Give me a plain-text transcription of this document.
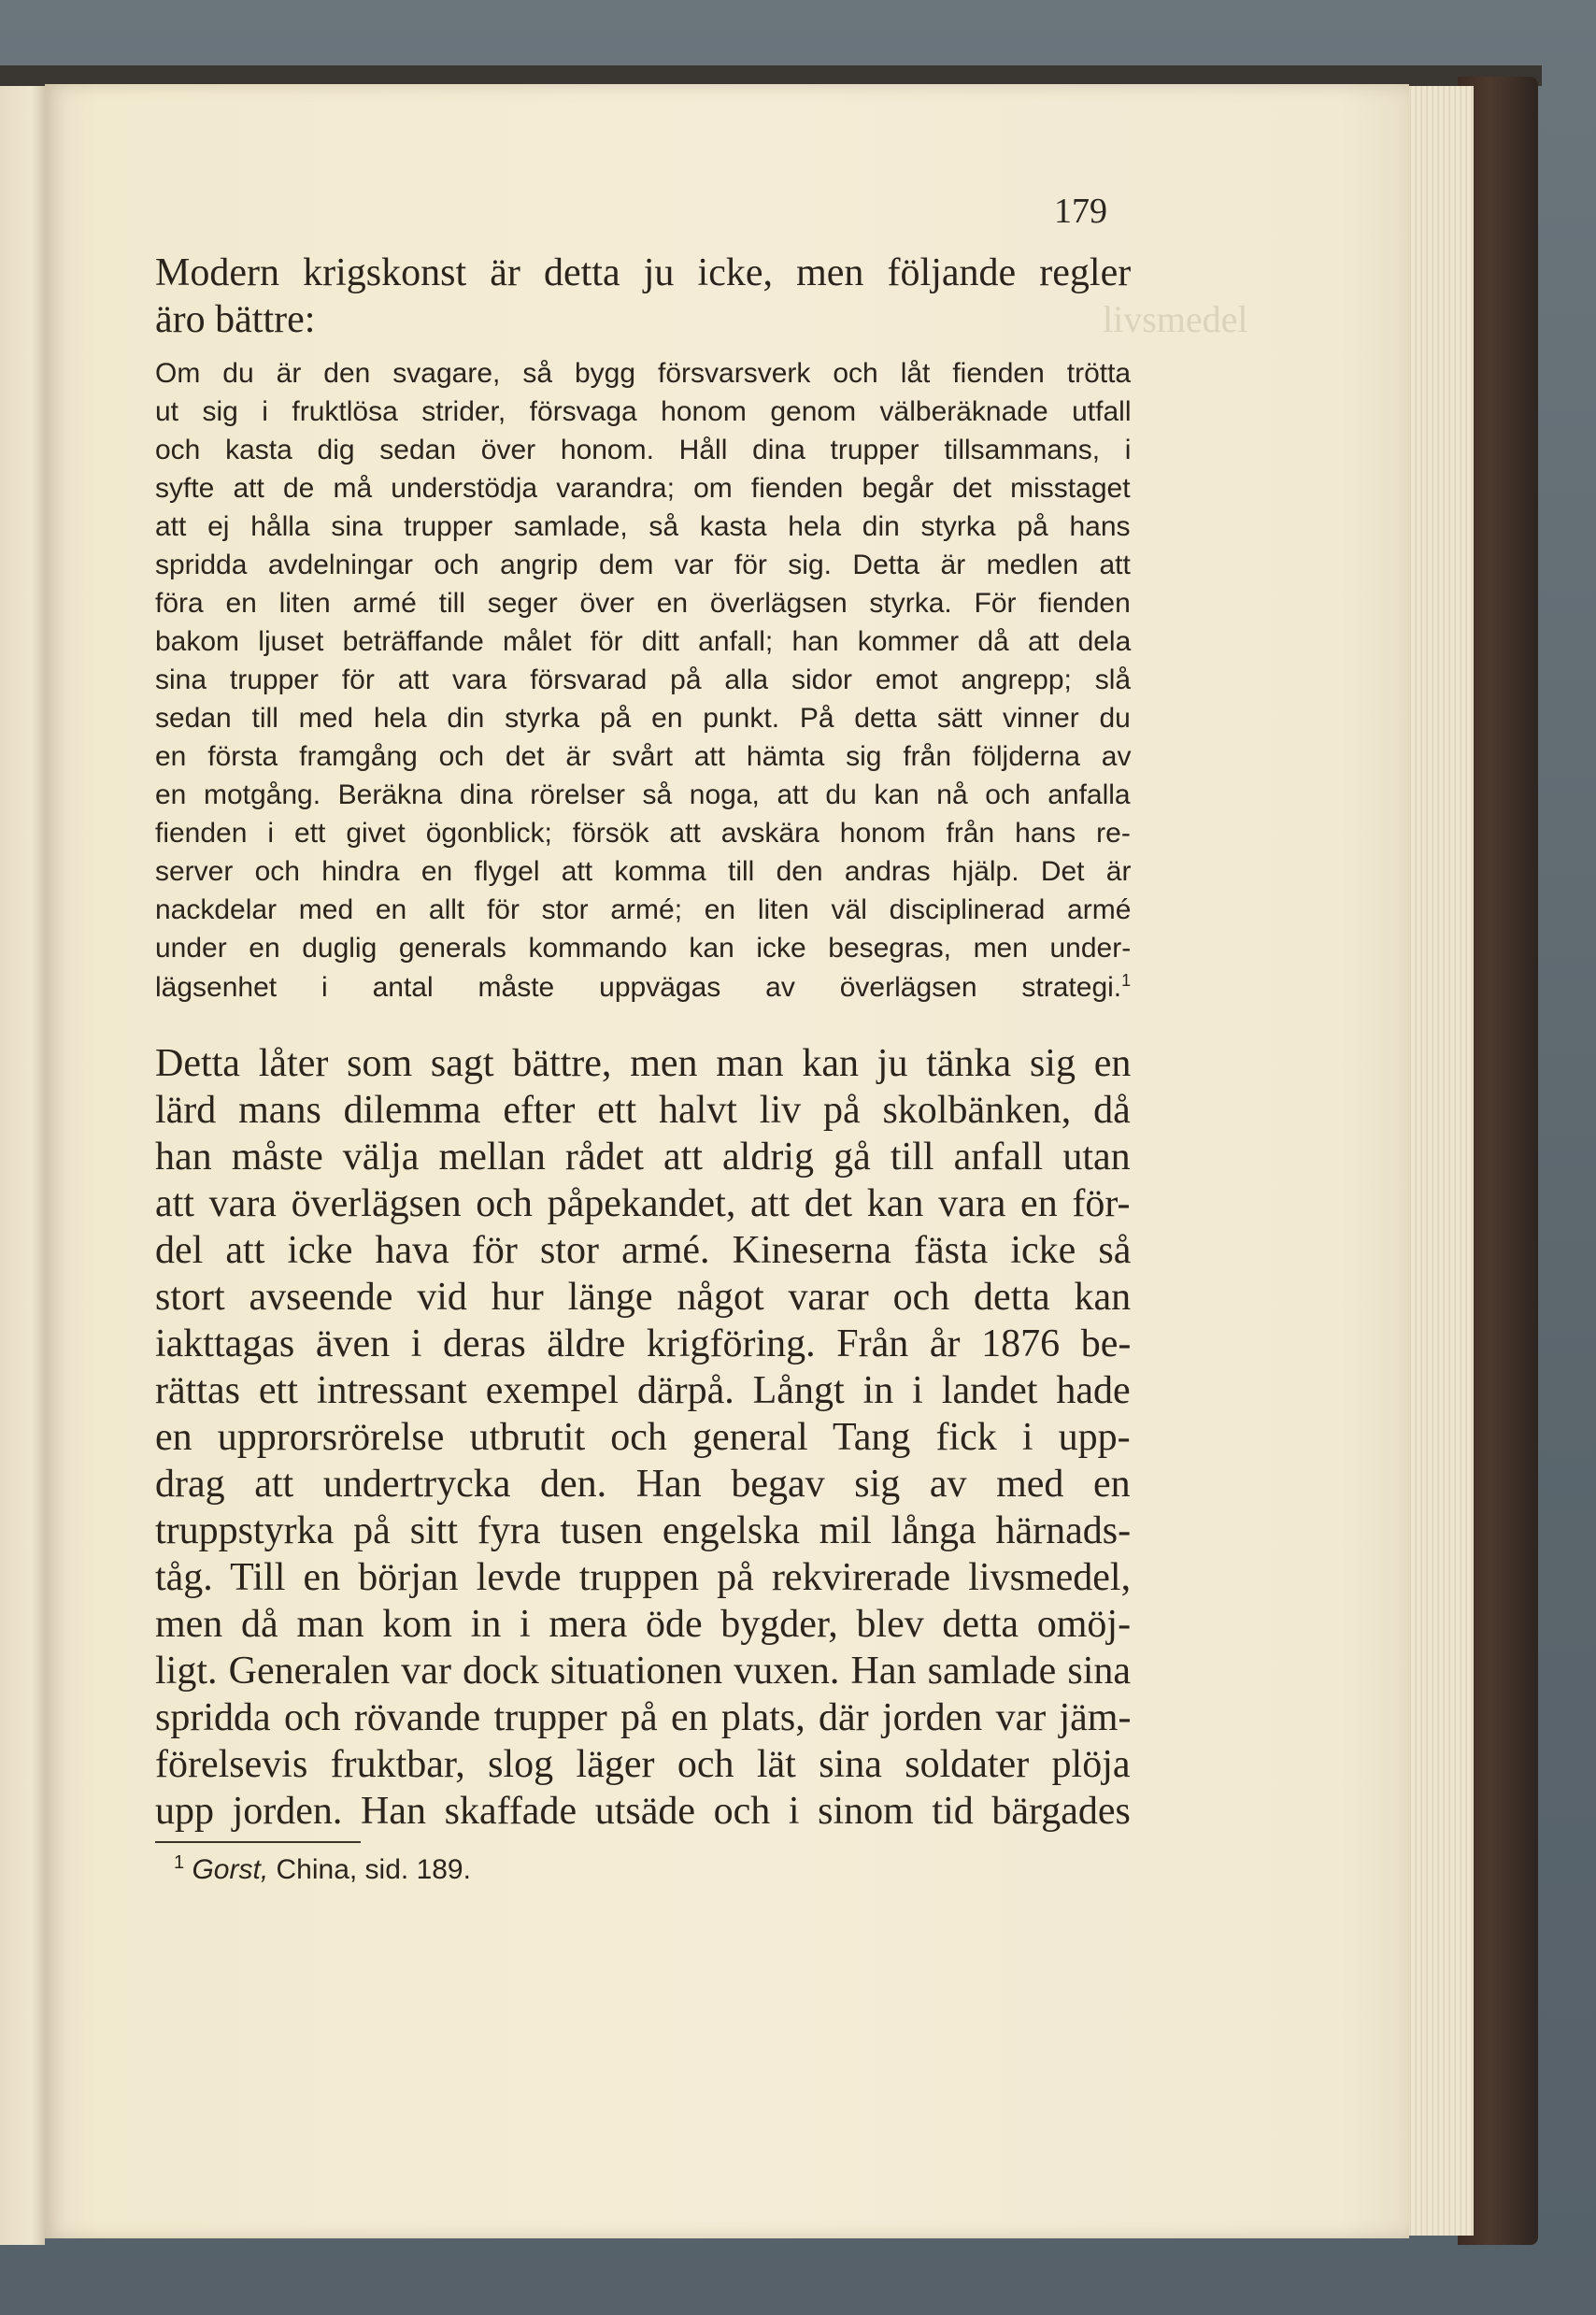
livsmedel
179
Modern krigskonst är detta ju icke, men följande regler
äro bättre:
Om du är den svagare, så bygg försvarsverk och låt fienden trötta
ut sig i fruktlösa strider, försvaga honom genom välberäknade utfall
och kasta dig sedan över honom. Håll dina trupper tillsammans, i
syfte att de må understödja varandra; om fienden begår det misstaget
att ej hålla sina trupper samlade, så kasta hela din styrka på hans
spridda avdelningar och angrip dem var för sig. Detta är medlen att
föra en liten armé till seger över en överlägsen styrka. För fienden
bakom ljuset beträffande målet för ditt anfall; han kommer då att dela
sina trupper för att vara försvarad på alla sidor emot angrepp; slå
sedan till med hela din styrka på en punkt. På detta sätt vinner du
en första framgång och det är svårt att hämta sig från följderna av
en motgång. Beräkna dina rörelser så noga, att du kan nå och anfalla
fienden i ett givet ögonblick; försök att avskära honom från hans re-
server och hindra en flygel att komma till den andras hjälp. Det är
nackdelar med en allt för stor armé; en liten väl disciplinerad armé
under en duglig generals kommando kan icke besegras, men under-
lägsenhet i antal måste uppvägas av överlägsen strategi.$^1$
Detta låter som sagt bättre, men man kan ju tänka sig en
lärd mans dilemma efter ett halvt liv på skolbänken, då
han måste välja mellan rådet att aldrig gå till anfall utan
att vara överlägsen och påpekandet, att det kan vara en för-
del att icke hava för stor armé. Kineserna fästa icke så
stort avseende vid hur länge något varar och detta kan
iakttagas även i deras äldre krigföring. Från år 1876 be-
rättas ett intressant exempel därpå. Långt in i landet hade
en upprorsrörelse utbrutit och general Tang fick i upp-
drag att undertrycka den. Han begav sig av med en
truppstyrka på sitt fyra tusen engelska mil långa härnads-
tåg. Till en början levde truppen på rekvirerade livsmedel,
men då man kom in i mera öde bygder, blev detta omöj-
ligt. Generalen var dock situationen vuxen. Han samlade sina
spridda och rövande trupper på en plats, där jorden var jäm-
förelsevis fruktbar, slog läger och lät sina soldater plöja
upp jorden. Han skaffade utsäde och i sinom tid bärgades
$^1$ Gorst, China, sid. 189.
